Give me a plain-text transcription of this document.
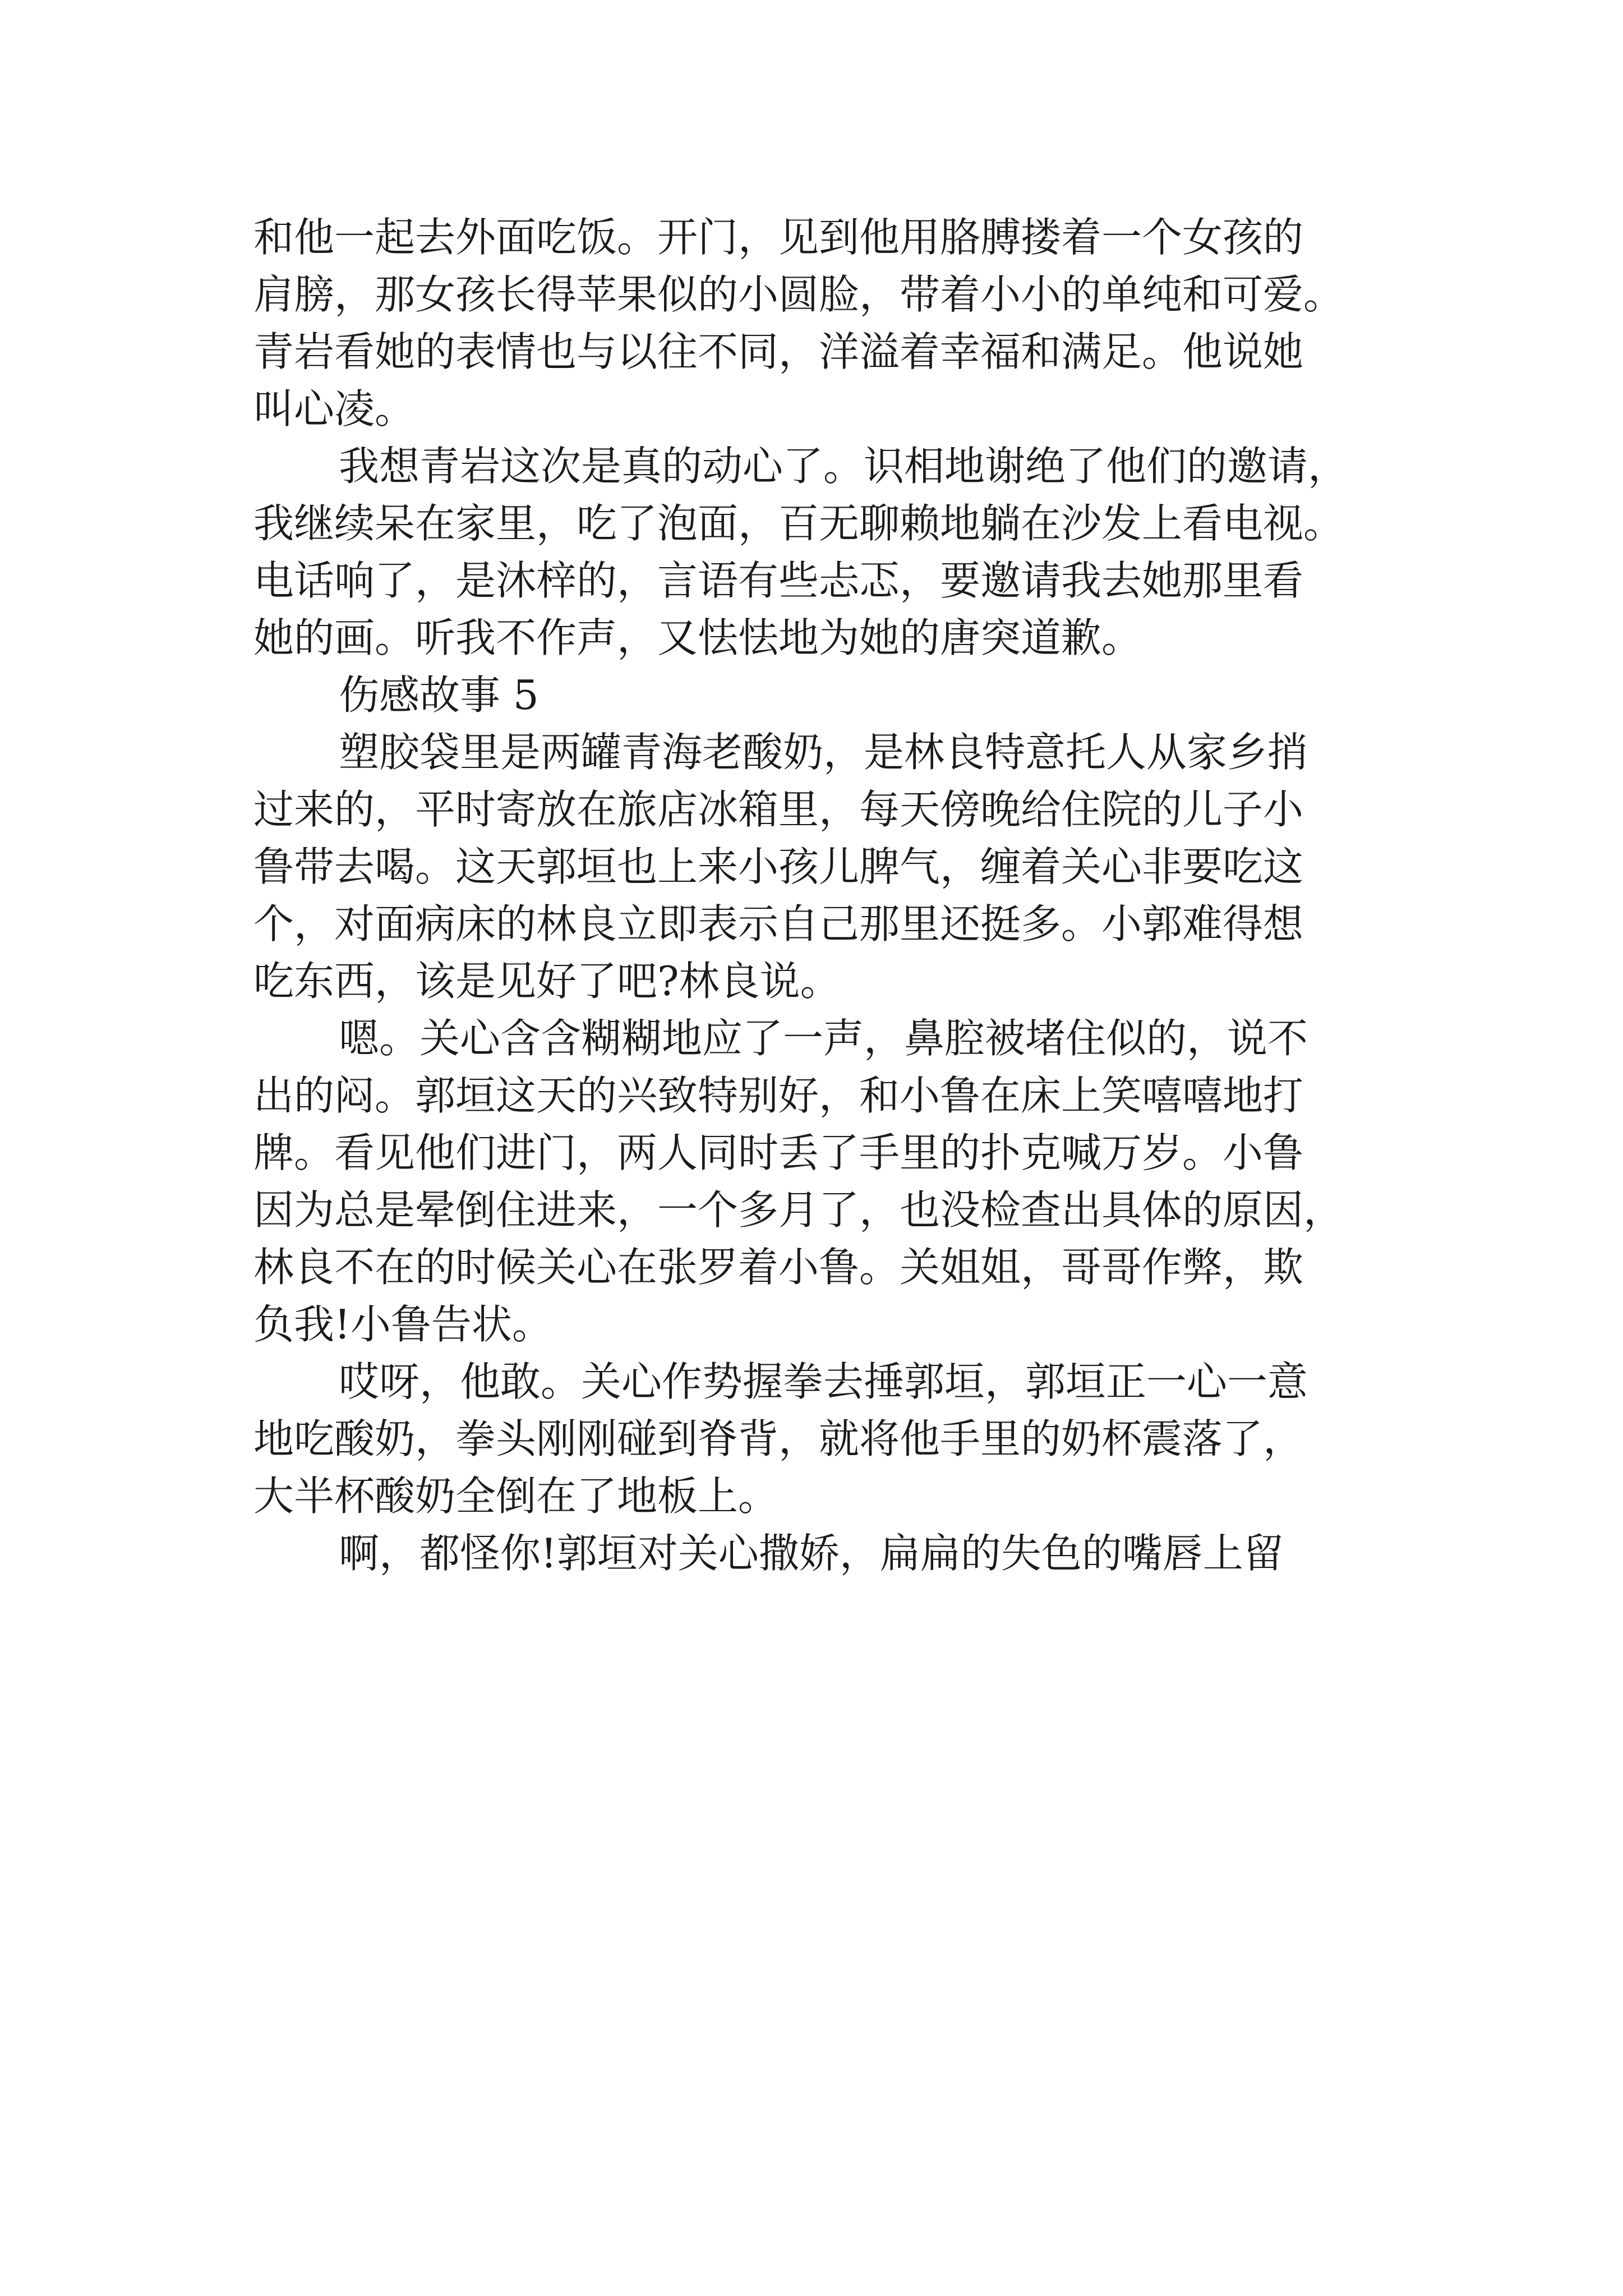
和他一起去外面吃饭。开门，见到他用胳膊搂着一个女孩的
肩膀，那女孩长得苹果似的小圆脸，带着小小的单纯和可爱。
青岩看她的表情也与以往不同，洋溢着幸福和满足。他说她
叫心凌。
我想青岩这次是真的动心了。识相地谢绝了他们的邀请，
我继续呆在家里，吃了泡面，百无聊赖地躺在沙发上看电视。
电话响了，是沐梓的，言语有些忐忑，要邀请我去她那里看
她的画。听我不作声，又怯怯地为她的唐突道歉。
伤感故事 5
塑胶袋里是两罐青海老酸奶，是林良特意托人从家乡捎
过来的，平时寄放在旅店冰箱里，每天傍晚给住院的儿子小
鲁带去喝。这天郭垣也上来小孩儿脾气，缠着关心非要吃这
个，对面病床的林良立即表示自己那里还挺多。小郭难得想
吃东西，该是见好了吧?林良说。
嗯。关心含含糊糊地应了一声，鼻腔被堵住似的，说不
出的闷。郭垣这天的兴致特别好，和小鲁在床上笑嘻嘻地打
牌。看见他们进门，两人同时丢了手里的扑克喊万岁。小鲁
因为总是晕倒住进来，一个多月了，也没检查出具体的原因，
林良不在的时候关心在张罗着小鲁。关姐姐，哥哥作弊，欺
负我!小鲁告状。
哎呀，他敢。关心作势握拳去捶郭垣，郭垣正一心一意
地吃酸奶，拳头刚刚碰到脊背，就将他手里的奶杯震落了，
大半杯酸奶全倒在了地板上。
啊，都怪你!郭垣对关心撒娇，扁扁的失色的嘴唇上留
